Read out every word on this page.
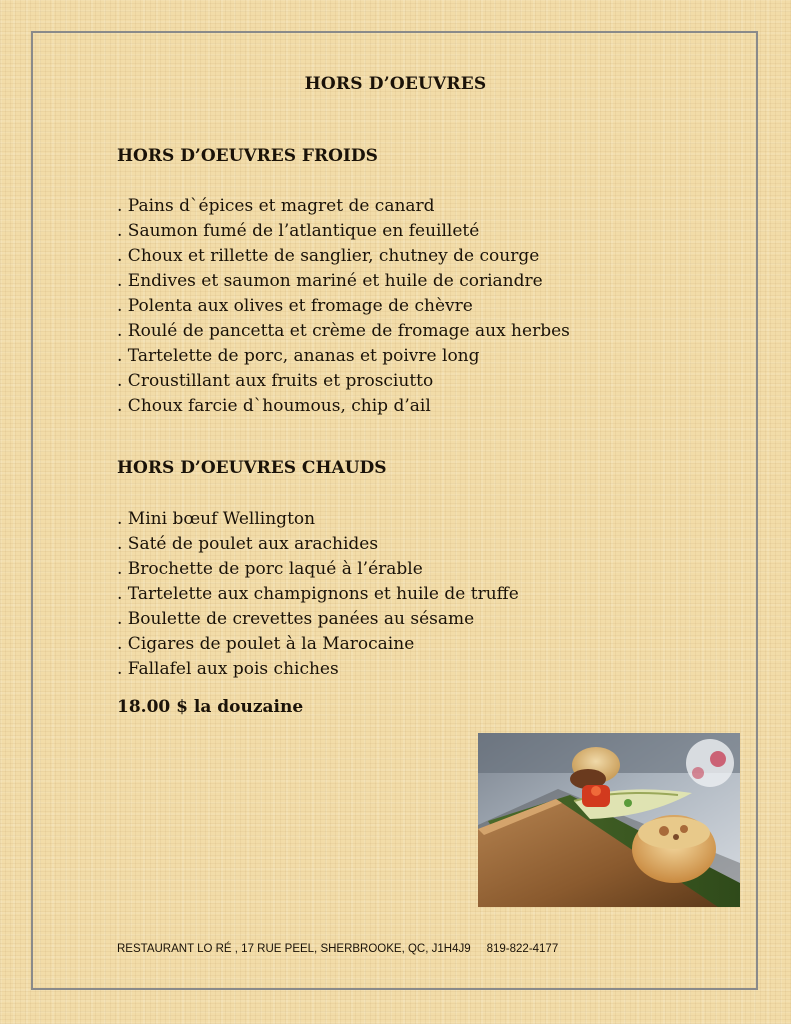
HORS D’OEUVRES
HORS D’OEUVRES FROIDS
. Pains d`épices et magret de canard
. Saumon fumé de l’atlantique en feuilleté
. Choux et rillette de sanglier, chutney de courge
. Endives et saumon mariné et huile de coriandre
. Polenta aux olives et fromage de chèvre
. Roulé de pancetta et crème de fromage aux herbes
. Tartelette de porc, ananas et poivre long
. Croustillant aux fruits et prosciutto
. Choux farcie d`houmous, chip d’ail
HORS D’OEUVRES CHAUDS
. Mini bœuf Wellington
. Saté de poulet aux arachides
. Brochette de porc laqué à l’érable
. Tartelette aux champignons et huile de truffe
. Boulette de crevettes panées au sésame
. Cigares de poulet à la Marocaine
. Fallafel aux pois chiches
18.00 $ la douzaine
RESTAURANT LO RÉ , 17 RUE PEEL, SHERBROOKE, QC, J1H4J9 819-822-4177
